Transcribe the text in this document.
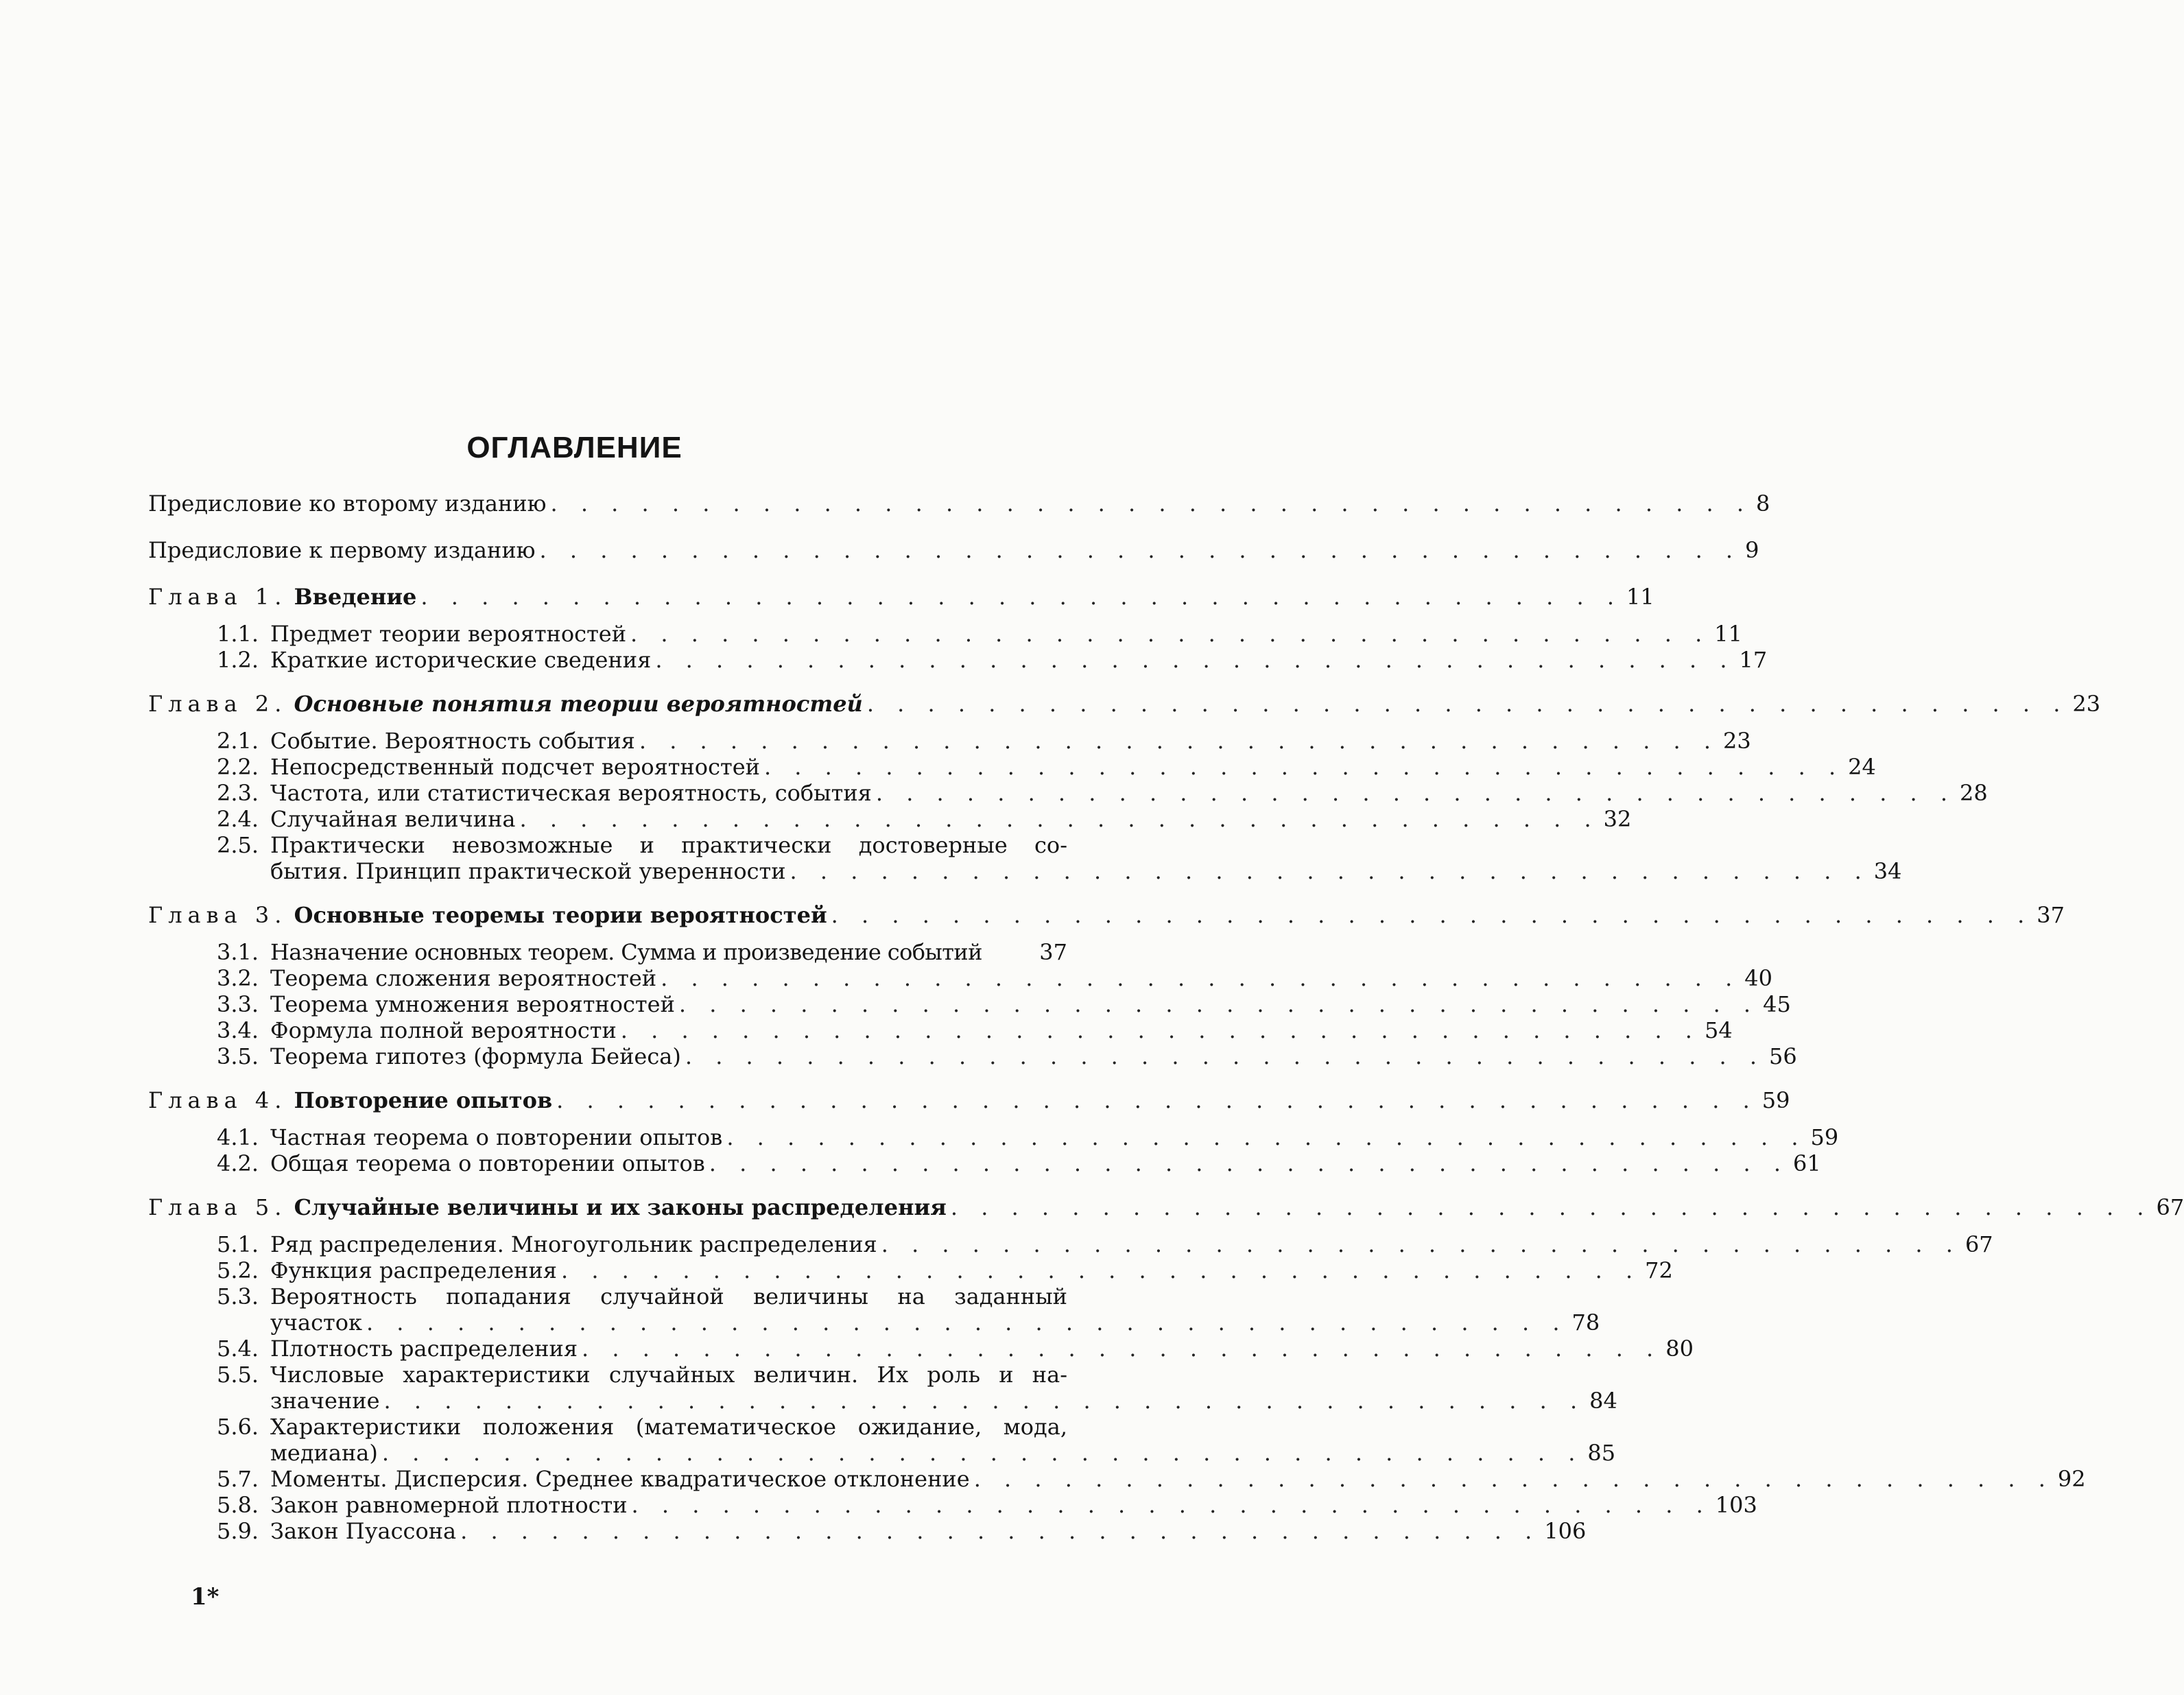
ОГЛАВЛЕНИЕ
Предисловие ко второму изданию . . . . . . . . . . . . . . . . . . . . . . . . . . . . . . . . . . . . . . . . 8
Предисловие к первому изданию . . . . . . . . . . . . . . . . . . . . . . . . . . . . . . . . . . . . . . . . 9
Глава 1. Введение . . . . . . . . . . . . . . . . . . . . . . . . . . . . . . . . . . . . . . . . 11
1.1. Предмет теории вероятностей . . . . . . . . . . . . . . . . . . . . . . . . . . . . . . . . . . . . 11
1.2. Краткие исторические сведения . . . . . . . . . . . . . . . . . . . . . . . . . . . . . . . . . . . . 17
Глава 2. Основные понятия теории вероятностей . . . . . . . . . . . . . . . . . . . . . . . . . . . . . . . . . . . . . . . . 23
2.1. Событие. Вероятность события . . . . . . . . . . . . . . . . . . . . . . . . . . . . . . . . . . . . 23
2.2. Непосредственный подсчет вероятностей . . . . . . . . . . . . . . . . . . . . . . . . . . . . . . . . . . . . 24
2.3. Частота, или статистическая вероятность, события . . . . . . . . . . . . . . . . . . . . . . . . . . . . . . . . . . . . 28
2.4. Случайная величина . . . . . . . . . . . . . . . . . . . . . . . . . . . . . . . . . . . . 32
2.5. Практически невозможные и практически достоверные со-
бытия. Принцип практической уверенности . . . . . . . . . . . . . . . . . . . . . . . . . . . . . . . . . . . . 34
Глава 3. Основные теоремы теории вероятностей . . . . . . . . . . . . . . . . . . . . . . . . . . . . . . . . . . . . . . . . 37
3.1. Назначение основных теорем. Сумма и произведение событий	37
3.2. Теорема сложения вероятностей . . . . . . . . . . . . . . . . . . . . . . . . . . . . . . . . . . . . 40
3.3. Теорема умножения вероятностей . . . . . . . . . . . . . . . . . . . . . . . . . . . . . . . . . . . . 45
3.4. Формула полной вероятности . . . . . . . . . . . . . . . . . . . . . . . . . . . . . . . . . . . . 54
3.5. Теорема гипотез (формула Бейеса) . . . . . . . . . . . . . . . . . . . . . . . . . . . . . . . . . . . . 56
Глава 4. Повторение опытов . . . . . . . . . . . . . . . . . . . . . . . . . . . . . . . . . . . . . . . . 59
4.1. Частная теорема о повторении опытов . . . . . . . . . . . . . . . . . . . . . . . . . . . . . . . . . . . . 59
4.2. Общая теорема о повторении опытов . . . . . . . . . . . . . . . . . . . . . . . . . . . . . . . . . . . . 61
Глава 5. Случайные величины и их законы распределения . . . . . . . . . . . . . . . . . . . . . . . . . . . . . . . . . . . . . . . . 67
5.1. Ряд распределения. Многоугольник распределения . . . . . . . . . . . . . . . . . . . . . . . . . . . . . . . . . . . . 67
5.2. Функция распределения . . . . . . . . . . . . . . . . . . . . . . . . . . . . . . . . . . . . 72
5.3. Вероятность попадания случайной величины на заданный
участок . . . . . . . . . . . . . . . . . . . . . . . . . . . . . . . . . . . . . . . . 78
5.4. Плотность распределения . . . . . . . . . . . . . . . . . . . . . . . . . . . . . . . . . . . . 80
5.5. Числовые характеристики случайных величин. Их роль и на-
значение . . . . . . . . . . . . . . . . . . . . . . . . . . . . . . . . . . . . . . . . 84
5.6. Характеристики положения (математическое ожидание, мода,
медиана) . . . . . . . . . . . . . . . . . . . . . . . . . . . . . . . . . . . . . . . . 85
5.7. Моменты. Дисперсия. Среднее квадратическое отклонение . . . . . . . . . . . . . . . . . . . . . . . . . . . . . . . . . . . . 92
5.8. Закон равномерной плотности . . . . . . . . . . . . . . . . . . . . . . . . . . . . . . . . . . . . 103
5.9. Закон Пуассона . . . . . . . . . . . . . . . . . . . . . . . . . . . . . . . . . . . . 106
1*
